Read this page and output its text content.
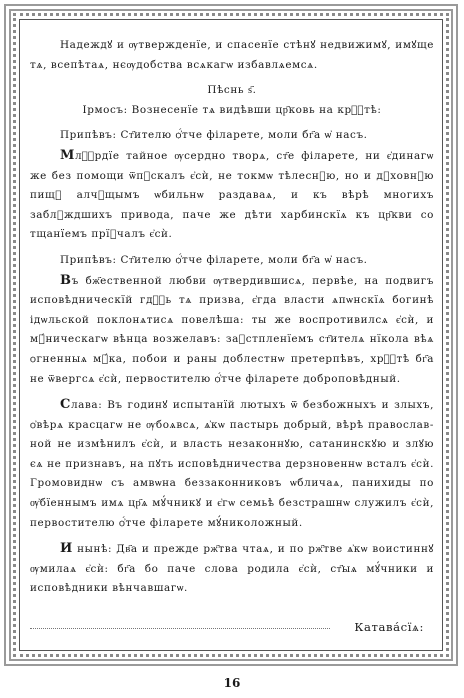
Надеждꙋ и ѹтвержденїе, и спасенїе стѣнꙋ недвижимꙋ, имꙋще тѧ, всепѣтаѧ, нєѹдобства всѧкагѡ избавлѧемсѧ.

Пѣснь ѕ҃.

Ірмосъ: Вознесенїе тѧ видѣвши цр҃ковь на крⷭ҇тѣ:

Припѣвъ: Ст҃ителю ѻ҆́тче філарете, моли бг҃а ѡ҆ насъ.

Млⷭ҇рдїе тайное ѹсердно творѧ, ст҃е філарете, ни є҆динагѡ же без помощи ѿпꙋскалъ є҆сѝ, не токмѡ тѣлеснꙋю, но и дꙋховнꙋю пищꙋ алчꙋщымъ ѡбильнѡ раздаваѧ, и къ вѣрѣ многихъ заблꙋждшихъ привода, паче же дѣти харбинскїѧ къ цр҃кви со тщанїемъ прїꙋчалъ є҆сѝ.

Припѣвъ: Ст҃ителю ѻ҆́тче філарете, моли бг҃а ѡ҆ насъ.

Въ бж҃ественной любви ѹтвердившисѧ, первѣе, на подвигъ исповѣдническїй гдⷭ҇ь тѧ призва, є҆гда власти ѧпѡнскїѧ богинѣ ідѡльской поклонѧтисѧ повелѣша: ты же воспротивилсѧ є҆сѝ, и мꙋ́ническагѡ вѣнца возжелавъ: заꙋстпленїемъ ст҃ителѧ нїкола вѣѧ ѻгненныѧ мꙋ́ка, побои и раны доблестнѡ претерпѣвъ, хрⷭ҇тѣ бг҃а не ѿвергсѧ є҆сѝ, первостителю ѻ҆́тче філарете доброповѣдный.

Слава: Въ годинꙋ испытанїй лютыхъ ѿ безбожныхъ и злыхъ, ѻ҆вѣрѧ красцагѡ не ѹбоѧвсѧ, ѧ҆кѡ пастырь добрый, вѣрѣ православ-ной не измѣнилъ є҆сѝ, и власть незаконнꙋю, сатанинскꙋю и злꙋю єѧ не признавъ, на пꙋть исповѣдничества дерзновеннѡ всталъ є҆сѝ. Громовиднѡ съ амвѡна беззаконниковъ ѡбличаѧ, панихиды по ѹ҆бїеннымъ имѧ цр҃ѧ мꙋ́чникꙋ и є҆гѡ семьѣ безстрашнѡ служилъ є҆сѝ, первостителю ѻ҆́тче філарете мꙋ́николожный.

И нынѣ: Дв҃а и прежде рж҃тва чтаѧ, и по рж҃тве ѧ҆кѡ воистиннꙋ ѹмилаѧ є҆сѝ: бг҃а бо паче слова родила є҆сѝ, ст҃ыѧ мꙋ́чники и исповѣдники вѣнчавшагѡ.

Катава́сїѧ:
16
